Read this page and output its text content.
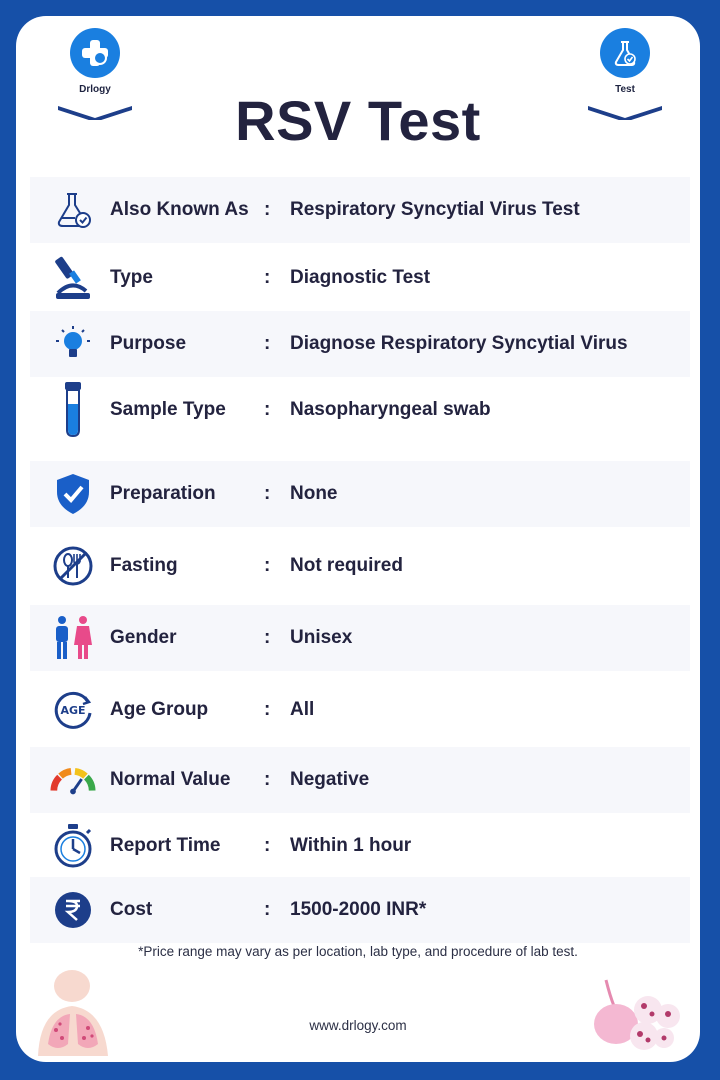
Drlogy	Test
RSV Test
Also Known As : Respiratory Syncytial Virus Test
Type	: Diagnostic Test
Purpose	: Diagnose Respiratory Syncytial Virus
Sample Type : Nasopharyngeal swab
Preparation	: None
Fasting	: Not required
Gender	: Unisex
AGE Age Group	: All
Normal Value : Negative
Report Time : Within 1 hour
Cost	: 1500-2000 INR*
*Price range may vary as per location, lab type, and procedure of lab test.
www.drlogy.com
